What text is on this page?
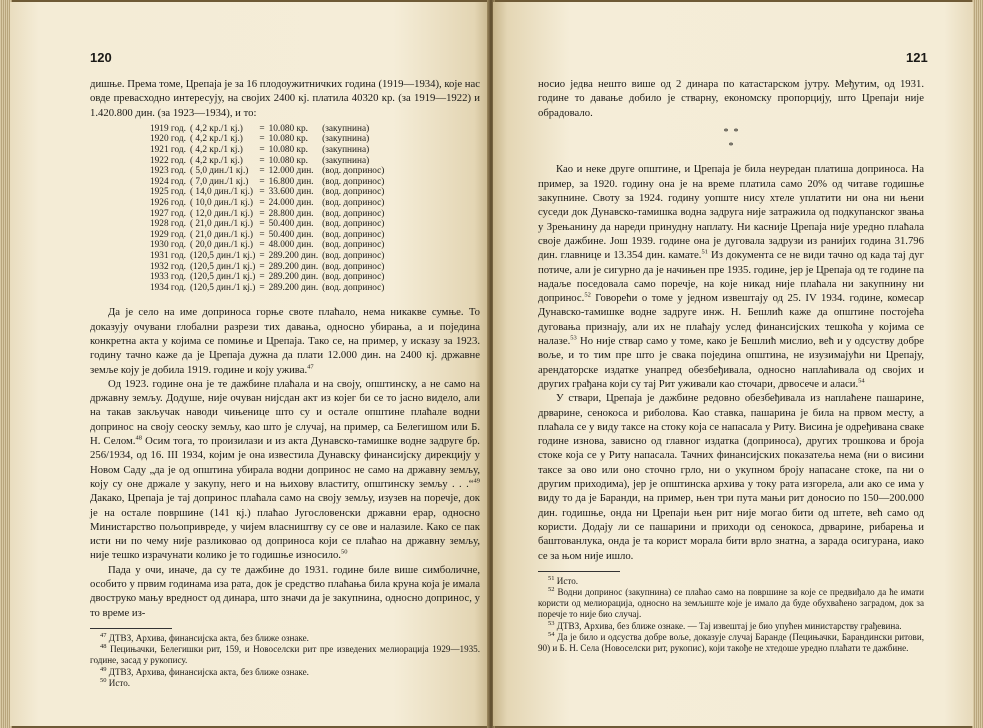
120

дишње. Према томе, Црепаја је за 16 плодоужитничких година (1919—1934), које нас овде превасходно интересују, на својих 2400 кј. платила 40320 кр. (за 1919—1922) и 1.420.800 дин. (за 1923—1934), и то:

1919 год.	( 4,2 кр./1 кј.)	=	10.080 кр.	(закупнина)
1920 год.	( 4,2 кр./1 кј.)	=	10.080 кр.	(закупнина)
1921 год.	( 4,2 кр./1 кј.)	=	10.080 кр.	(закупнина)
1922 год.	( 4,2 кр./1 кј.)	=	10.080 кр.	(закупнина)
1923 год.	( 5,0 дин./1 кј.)	=	12.000 дин.	(вод. допринос)
1924 год.	( 7,0 дин./1 кј.)	=	16.800 дин.	(вод. допринос)
1925 год.	( 14,0 дин./1 кј.)	=	33.600 дин.	(вод. допринос)
1926 год.	( 10,0 дин./1 кј.)	=	24.000 дин.	(вод. допринос)
1927 год.	( 12,0 дин./1 кј.)	=	28.800 дин.	(вод. допринос)
1928 год.	( 21,0 дин./1 кј.)	=	50.400 дин.	(вод. допринос)
1929 год.	( 21,0 дин./1 кј.)	=	50.400 дин.	(вод. допринос)
1930 год.	( 20,0 дин./1 кј.)	=	48.000 дин.	(вод. допринос)
1931 год.	(120,5 дин./1 кј.)	=	289.200 дин.	(вод. допринос)
1932 год.	(120,5 дин./1 кј.)	=	289.200 дин.	(вод. допринос)
1933 год.	(120,5 дин./1 кј.)	=	289.200 дин.	(вод. допринос)
1934 год.	(120,5 дин./1 кј.)	=	289.200 дин.	(вод. допринос)

Да је село на име доприноса горње своте плаћало, нема никакве сумње. То доказују очувани глобални разрези тих давања, односно убирања, а и поједина конкретна акта у којима се помиње и Црепаја. Тако се, на пример, у исказу за 1923. годину тачно каже да је Црепаја дужна да плати 12.000 дин. на 2400 кј. државне земље коју је добила 1919. године и коју ужива.$^{47}$

Од 1923. године она је те дажбине плаћала и на своју, општинску, а не само на државну земљу. Додуше, није очуван нијсдан акт из којег би се то јасно видело, али на такав закључак наводи чињенице што су и остале општине плаћале водни допринос на своју сеоску земљу, као што је случај, на пример, са Белегишом или Б. Н. Селом.$^{48}$ Осим тога, то произилази и из акта Дунавско-тамишке водне задруге бр. 256/1934, од 16. III 1934, којим је она известила Дунавску финансијску дирекцију у Новом Саду „да је од општина убирала водни допринос не само на државну земљу, коју су оне држале у закупу, него и на њихову властиту, општинску земљу . . .“$^{49}$ Дакако, Црепаја је тај допринос плаћала само на своју земљу, изузев на поречје, док је на остале површине (141 кј.) плаћао Југословенски државни ерар, односно Министарство пољопривреде, у чијем власништву су се ове и налазиле. Како се пак исти ни по чему није разликовао од доприноса који се плаћао на државну земљу, није тешко израчунати колико је то годишње износило.$^{50}$

Пада у очи, иначе, да су те дажбине до 1931. године биле више симболичне, особито у првим годинама иза рата, док је средство плаћања била круна која је имала двоструко мању вредност од динара, што значи да је закупнина, односно допринос, у то време из-

$^{47}$ ДТВЗ, Архива, финансијска акта, без ближе ознаке.

$^{48}$ Пецињачки, Белегишки рит, 159, и Новоселски рит пре изведених мелиорација 1929—1935. године, засад у рукопису.

$^{49}$ ДТВЗ, Архива, финансијска акта, без ближе ознаке.

$^{50}$ Исто.

121

носио једва нешто више од 2 динара по катастарском јутру. Међутим, од 1931. године то давање добило је стварну, економску пропорцију, што Црепаји није обрадовало.

*  *
*

Као и неке друге општине, и Црепаја је била неуредан платиша доприноса. На пример, за 1920. годину она је на време платила само 20% од читаве годишње закупнине. Своту за 1924. годину уопште нису хтеле уплатити ни она ни њени суседи док Дунавско-тамишка водна задруга није затражила од подкупанског звања у Зрењанину да нареди принудну наплату. Ни касније Црепаја није уредно плаћала своје дажбине. Још 1939. године она је дуговала задрузи из ранијих година 31.796 дин. главнице и 13.354 дин. камате.$^{51}$ Из документа се не види тачно од када тај дуг потиче, али је сигурно да је начињен пре 1935. године, јер је Црепаја од те године па надаље поседовала само поречје, на које никад није плаћала ни закупнину ни допринос.$^{52}$ Говорећи о томе у једном извештају од 25. IV 1934. године, комесар Дунавско-тамишке водне задруге инж. Н. Бешлић каже да општине постојећа дуговања признају, али их не плаћају услед финансијских тешкоћа у којима се налазе.$^{53}$ Но није ствар само у томе, како је Бешлић мислио, већ и у одсуству добре воље, и то тим пре што је свака поједина општина, не изузимајући ни Црепају, арендаторске издатке унапред обезбеђивала, односно наплаћивала од својих и других грађана који су тај Рит уживали као сточари, дрвосече и аласи.$^{54}$

У ствари, Црепаја је дажбине редовно обезбеђивала из наплаћене пашарине, дрварине, сенокоса и риболова. Као ставка, пашарина је била на првом месту, а плаћала се у виду таксе на стоку која се напасала у Риту. Висина је одређивана сваке године изнова, зависно од главног издатка (доприноса), других трошкова и броја стоке која се у Риту напасала. Тачних финансијских показатеља нема (ни о висини таксе за ово или оно сточно грло, ни о укупном броју напасане стоке, па ни о другим приходима), јер је општинска архива у току рата изгорела, али ако се има у виду то да је Баранди, на пример, њен три пута мањи рит доносио по 150—200.000 дин. годишње, онда ни Црепаји њен рит није могао бити од штете, већ само од користи. Додају ли се пашарини и приходи од сенокоса, дрварине, рибарења и баштованлука, онда је та корист морала бити врло знатна, а зарада осигурана, иако се за њом није ишло.

$^{51}$ Исто.

$^{52}$ Водни допринос (закупнина) се плаћао само на површине за које се предвиђало да ће имати користи од мелиорација, односно на земљиште које је имало да буде обухваћено заградом, док за поречје то није био случај.

$^{53}$ ДТВЗ, Архива, без ближе ознаке. — Тај извештај је био упућен министарству грађевина.

$^{54}$ Да је било и одсуства добре воље, доказује случај Баранде (Пецињачки, Барандински ритови, 90) и Б. Н. Села (Новоселски рит, рукопис), који такође не хтедоше уредно плаћати те дажбине.
